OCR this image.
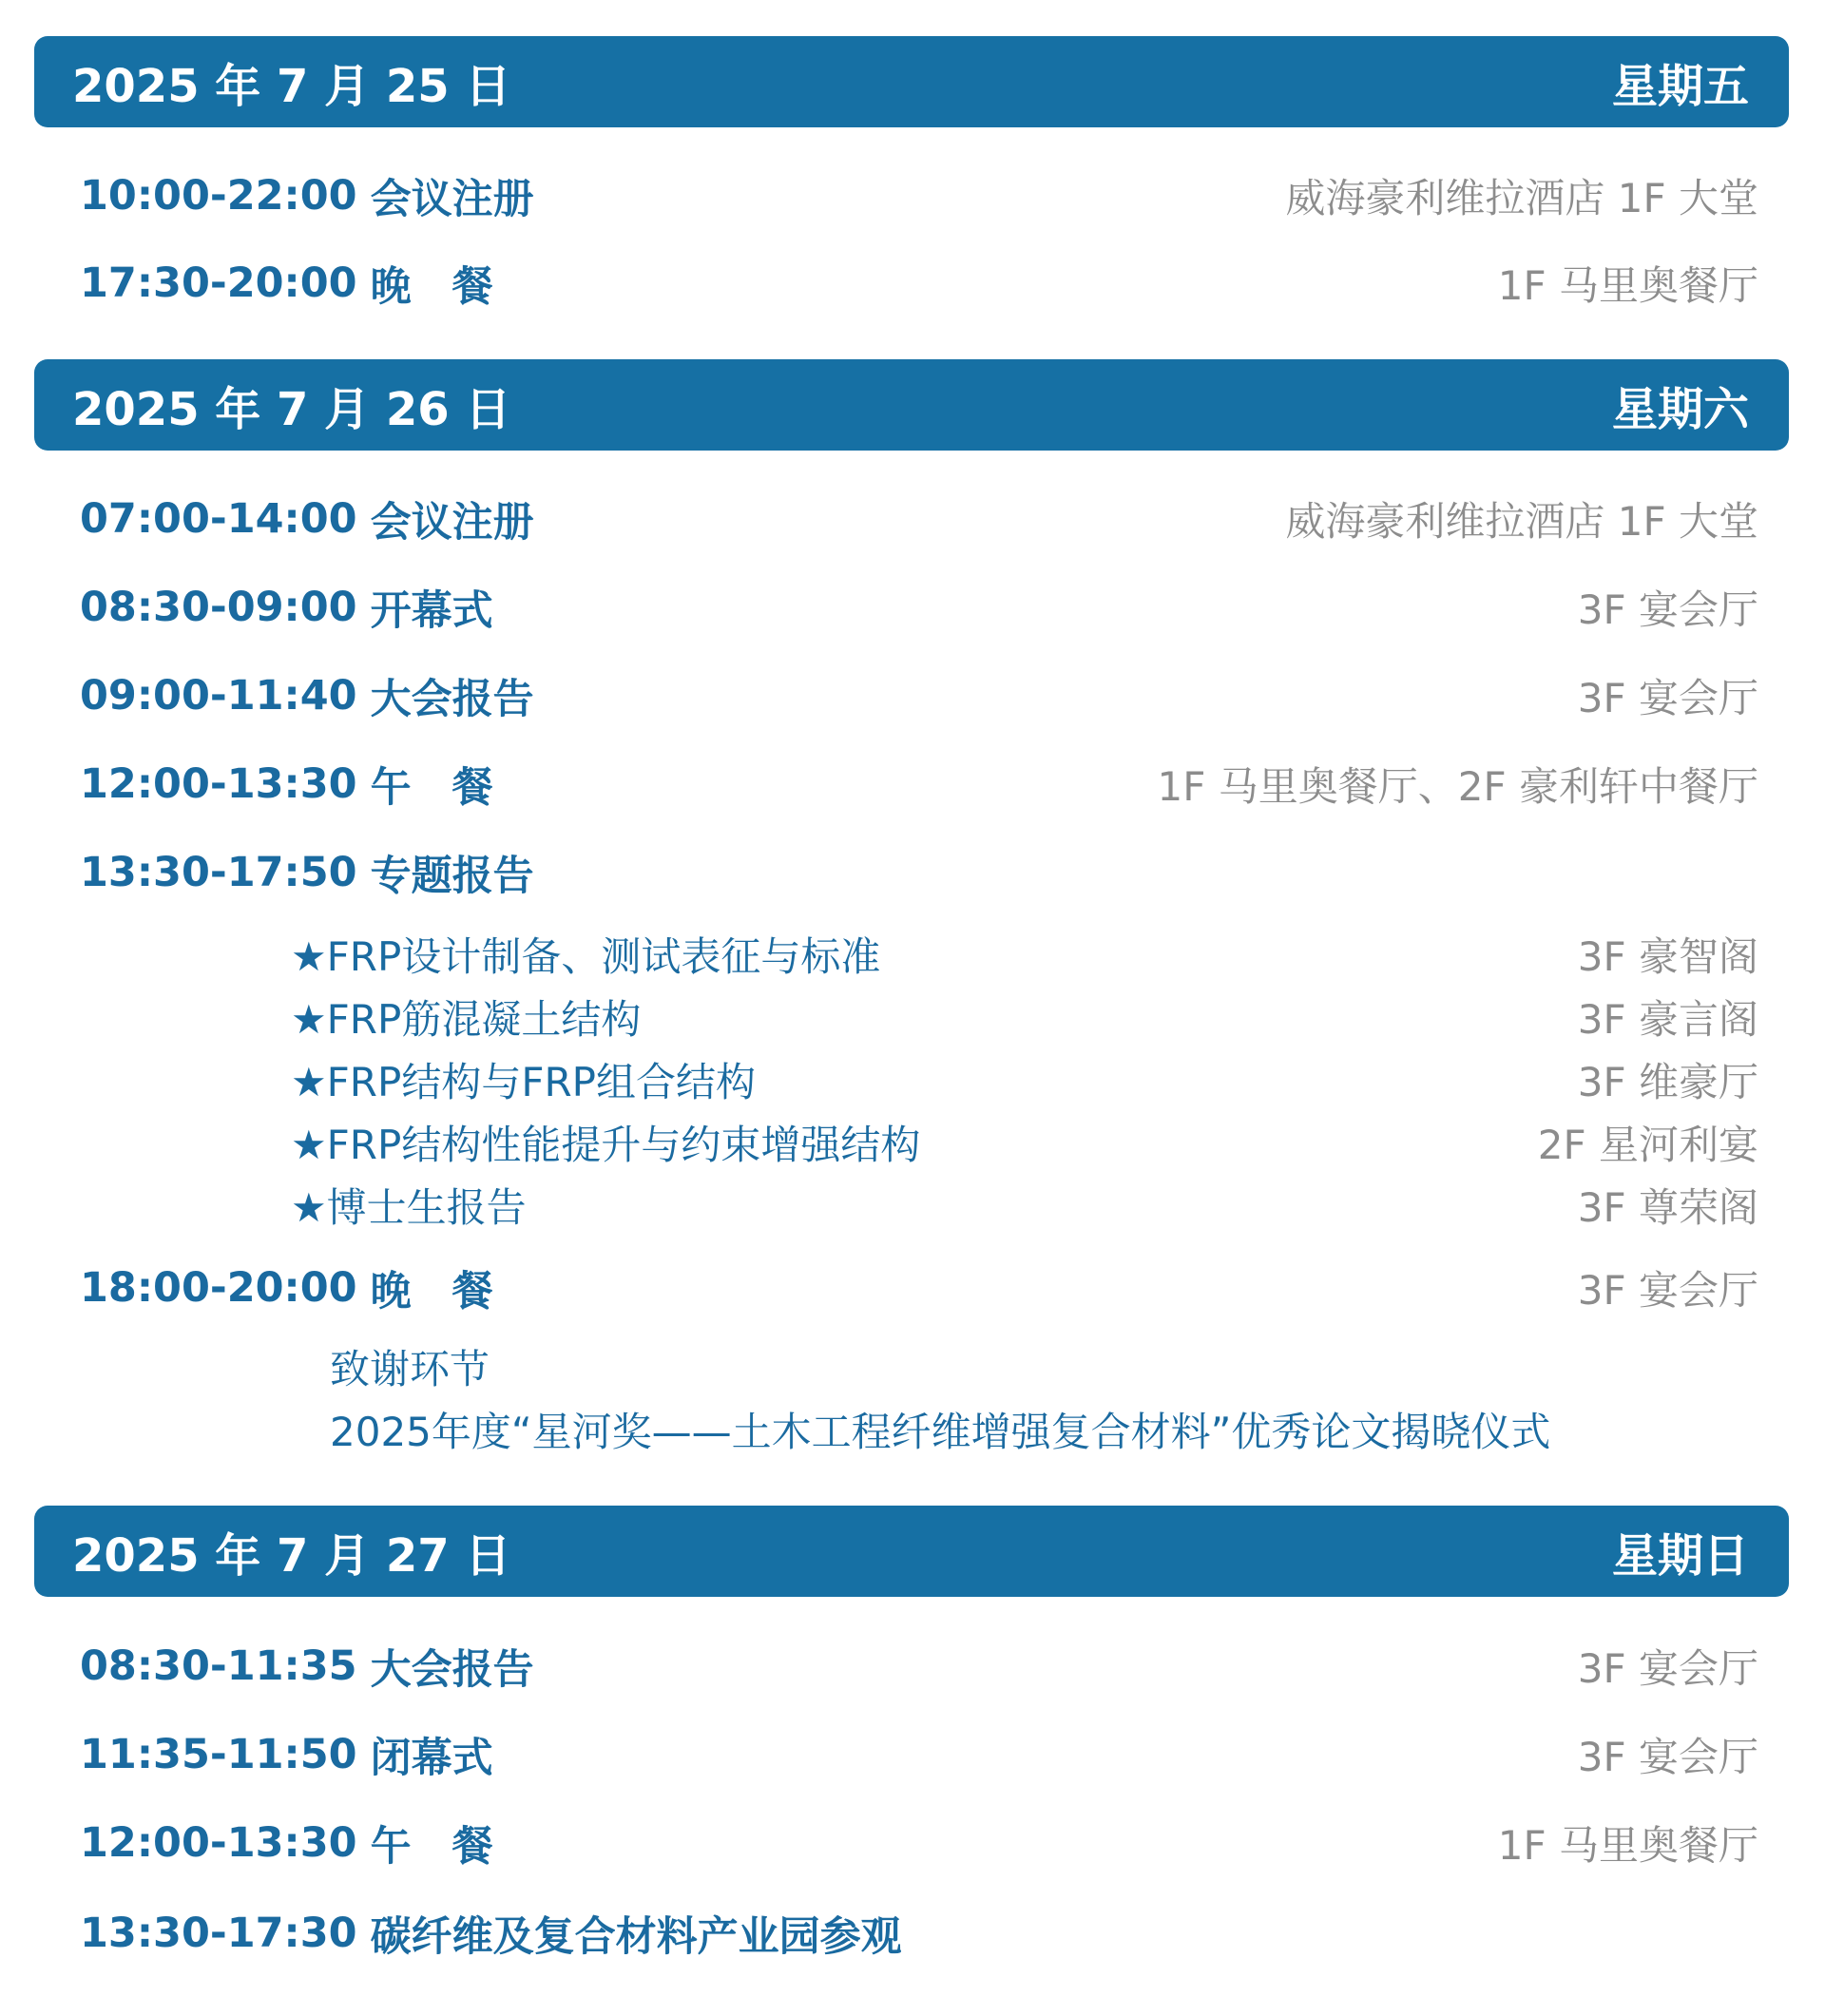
2025 年 7 月 25 日	星期五
10:00-22:00 会议注册	威海豪利维拉酒店 1F 大堂
17:30-20:00 晚　餐	1F 马里奥餐厅
2025 年 7 月 26 日	星期六
07:00-14:00 会议注册	威海豪利维拉酒店 1F 大堂
08:30-09:00 开幕式	3F 宴会厅
09:00-11:40 大会报告	3F 宴会厅
12:00-13:30 午　餐	1F 马里奥餐厅、2F 豪利轩中餐厅
13:30-17:50 专题报告
★FRP设计制备、测试表征与标准	3F 豪智阁
★FRP筋混凝土结构	3F 豪言阁
★FRP结构与FRP组合结构	3F 维豪厅
★FRP结构性能提升与约束增强结构	2F 星河利宴
★博士生报告	3F 尊荣阁
18:00-20:00 晚　餐	3F 宴会厅
致谢环节
2025年度“星河奖——土木工程纤维增强复合材料”优秀论文揭晓仪式
2025 年 7 月 27 日	星期日
08:30-11:35 大会报告	3F 宴会厅
11:35-11:50 闭幕式	3F 宴会厅
12:00-13:30 午　餐	1F 马里奥餐厅
13:30-17:30 碳纤维及复合材料产业园参观
